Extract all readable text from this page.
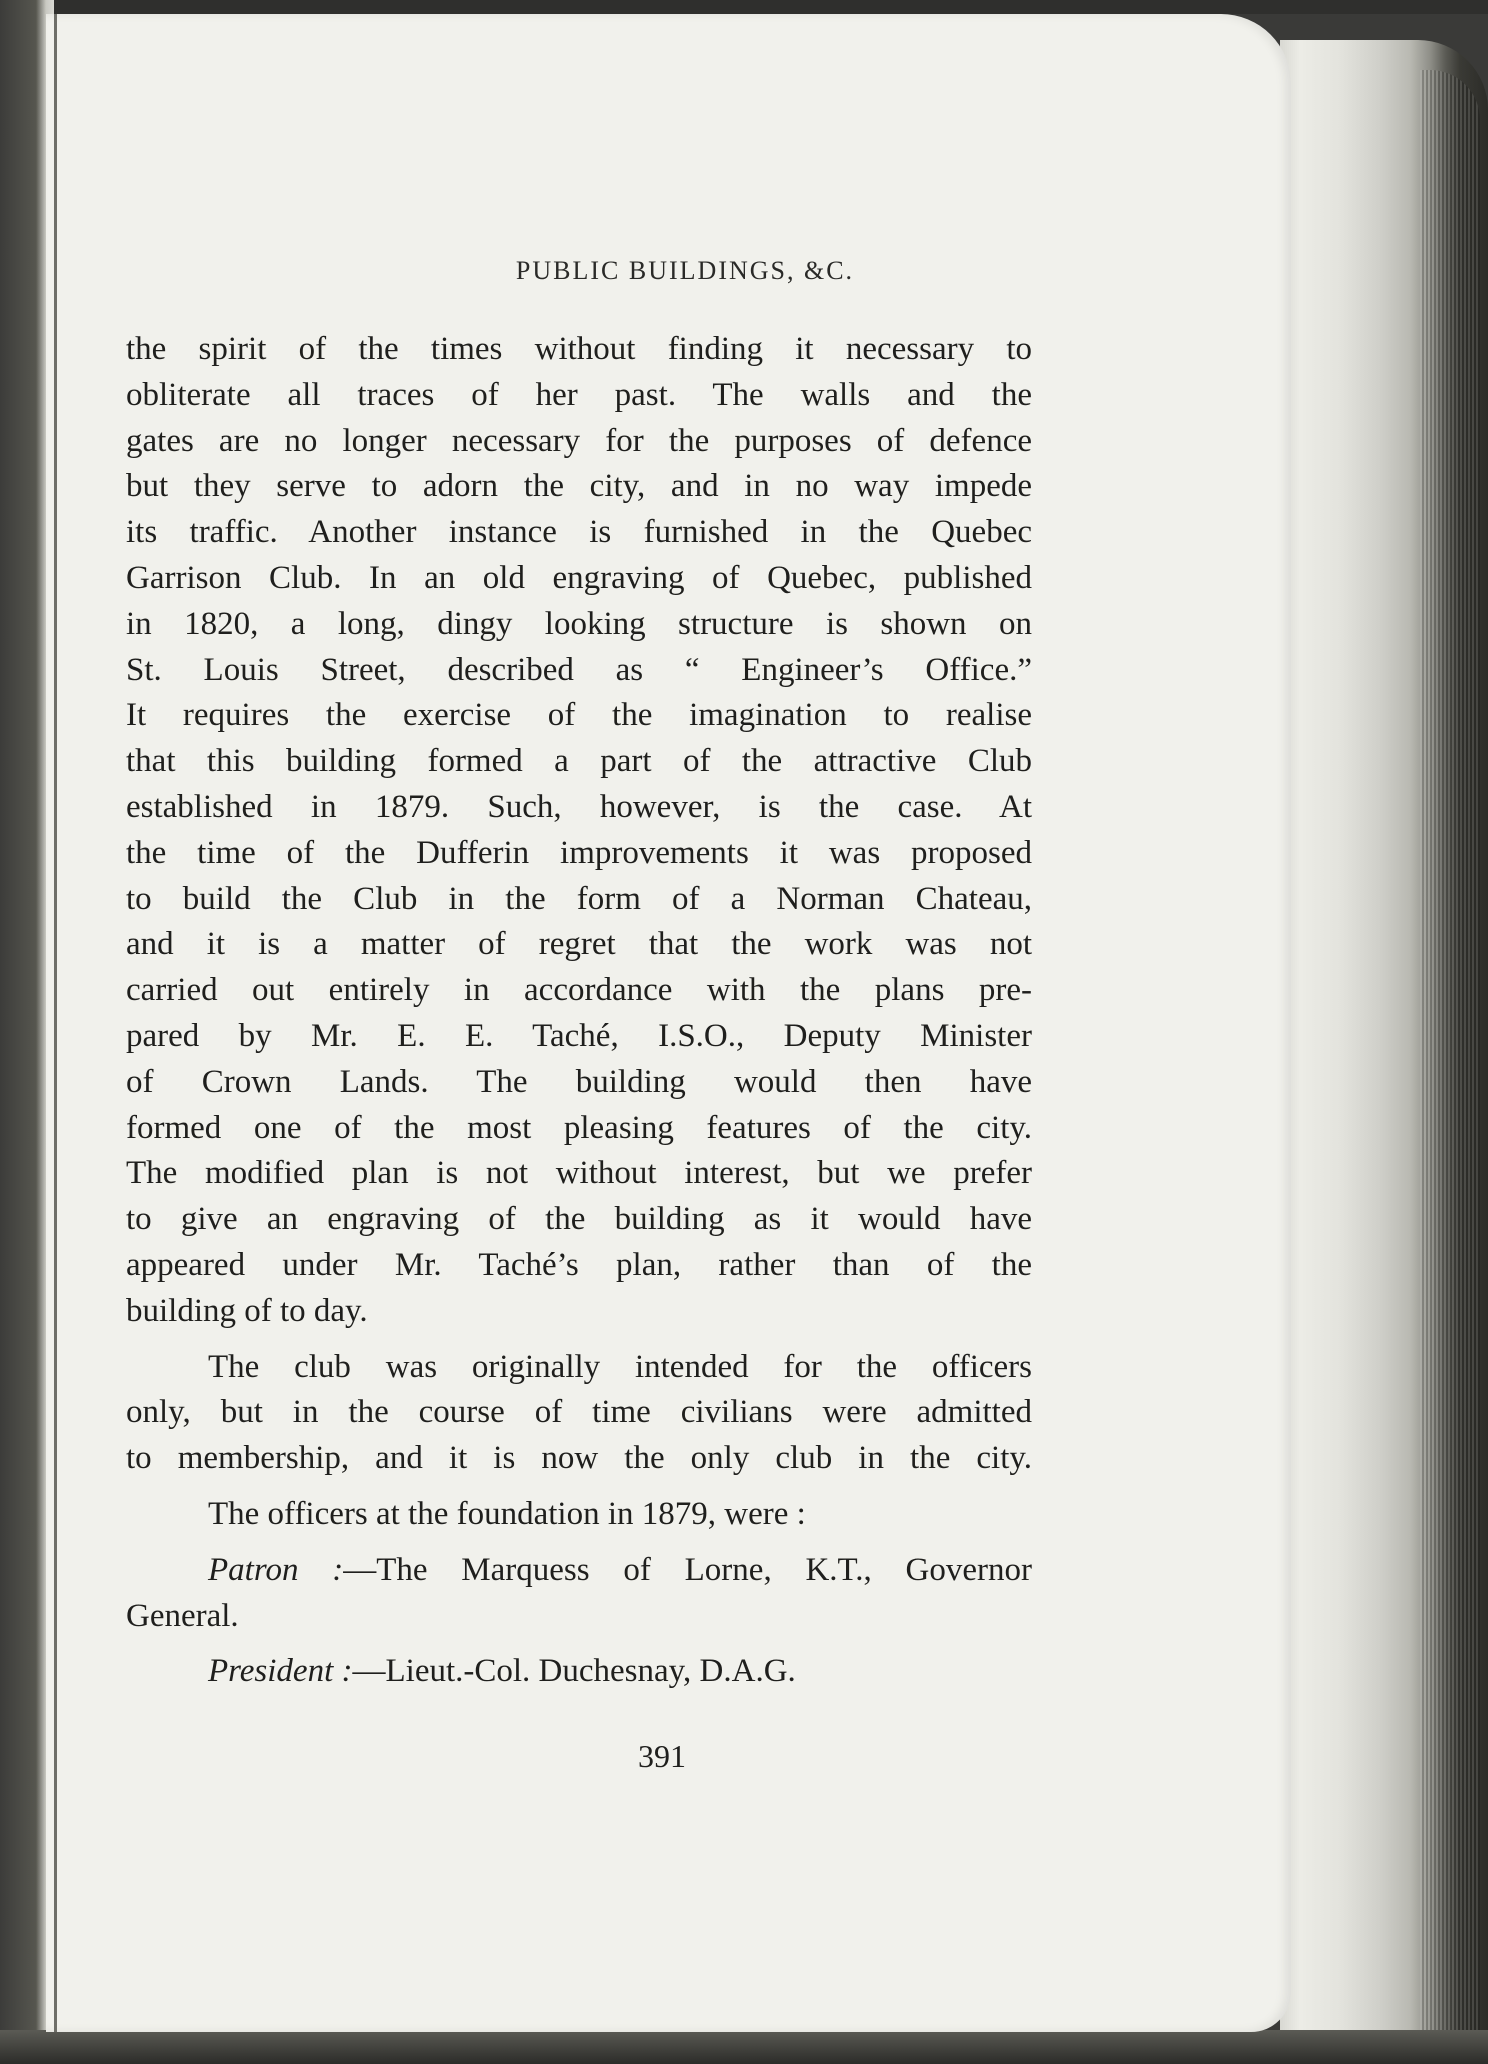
PUBLIC BUILDINGS, &C.
the spirit of the times without finding it necessary to
obliterate all traces of her past. The walls and the
gates are no longer necessary for the purposes of defence
but they serve to adorn the city, and in no way impede
its traffic. Another instance is furnished in the Quebec
Garrison Club. In an old engraving of Quebec, published
in 1820, a long, dingy looking structure is shown on
St. Louis Street, described as “ Engineer’s Office.”
It requires the exercise of the imagination to realise
that this building formed a part of the attractive Club
established in 1879. Such, however, is the case. At
the time of the Dufferin improvements it was proposed
to build the Club in the form of a Norman Chateau,
and it is a matter of regret that the work was not
carried out entirely in accordance with the plans pre-
pared by Mr. E. E. Taché, I.S.O., Deputy Minister
of Crown Lands. The building would then have
formed one of the most pleasing features of the city.
The modified plan is not without interest, but we prefer
to give an engraving of the building as it would have
appeared under Mr. Taché’s plan, rather than of the
building of to day.
The club was originally intended for the officers
only, but in the course of time civilians were admitted
to membership, and it is now the only club in the city.
The officers at the foundation in 1879, were :
Patron :—The Marquess of Lorne, K.T., Governor
General.
President :—Lieut.-Col. Duchesnay, D.A.G.
391
